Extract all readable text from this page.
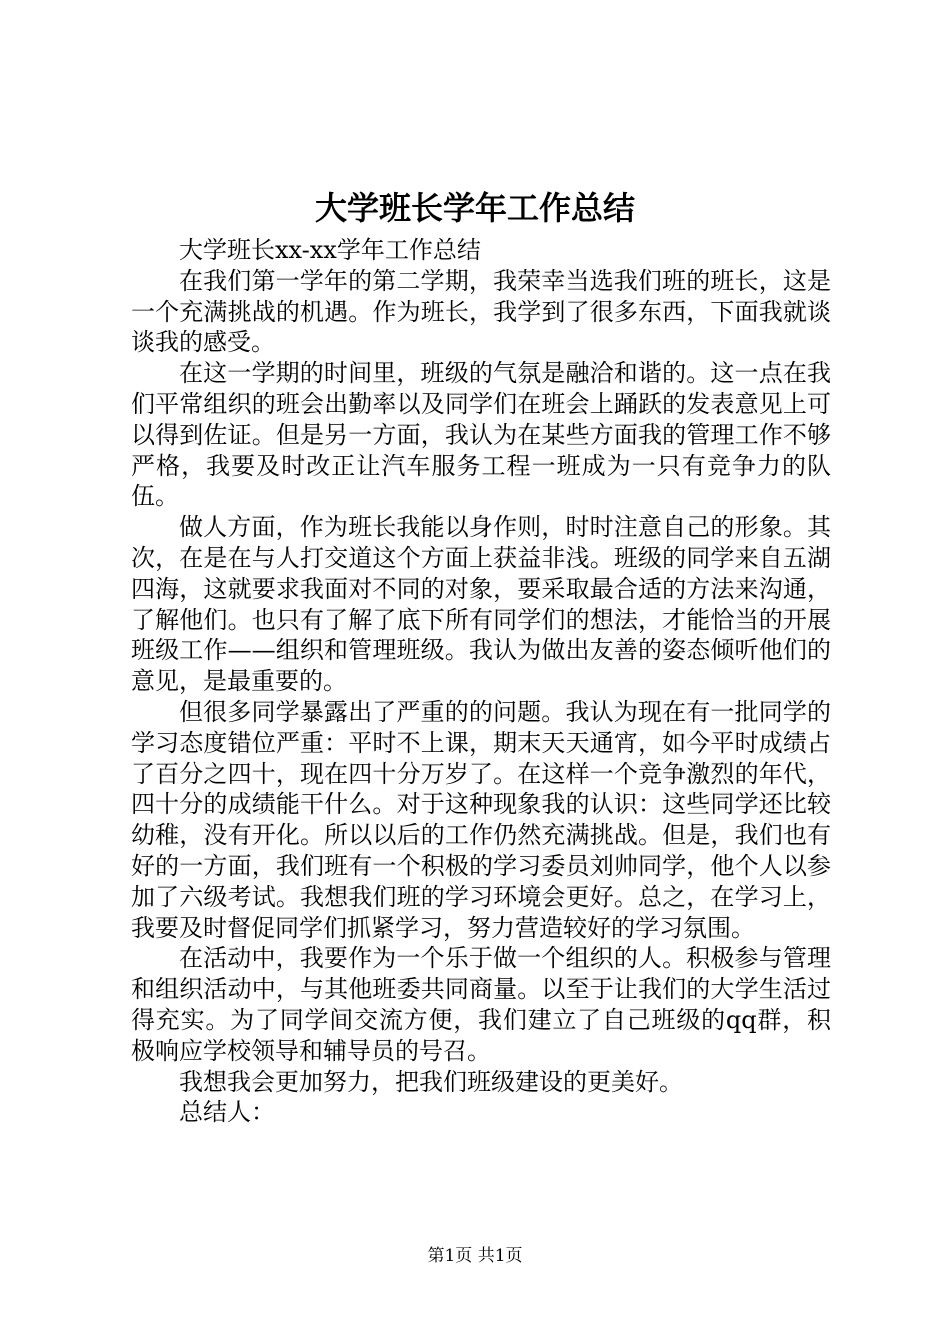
大学班长学年工作总结

大学班长xx-xx学年工作总结

在我们第一学年的第二学期，我荣幸当选我们班的班长，这是一个充满挑战的机遇。作为班长，我学到了很多东西，下面我就谈谈我的感受。

在这一学期的时间里，班级的气氛是融洽和谐的。这一点在我们平常组织的班会出勤率以及同学们在班会上踊跃的发表意见上可以得到佐证。但是另一方面，我认为在某些方面我的管理工作不够严格，我要及时改正让汽车服务工程一班成为一只有竞争力的队伍。

做人方面，作为班长我能以身作则，时时注意自己的形象。其次，在是在与人打交道这个方面上获益非浅。班级的同学来自五湖四海，这就要求我面对不同的对象，要采取最合适的方法来沟通，了解他们。也只有了解了底下所有同学们的想法，才能恰当的开展班级工作——组织和管理班级。我认为做出友善的姿态倾听他们的意见，是最重要的。

但很多同学暴露出了严重的的问题。我认为现在有一批同学的学习态度错位严重：平时不上课，期末天天通宵，如今平时成绩占了百分之四十，现在四十分万岁了。在这样一个竞争激烈的年代，四十分的成绩能干什么。对于这种现象我的认识：这些同学还比较幼稚，没有开化。所以以后的工作仍然充满挑战。但是，我们也有好的一方面，我们班有一个积极的学习委员刘帅同学，他个人以参加了六级考试。我想我们班的学习环境会更好。总之，在学习上，我要及时督促同学们抓紧学习，努力营造较好的学习氛围。

在活动中，我要作为一个乐于做一个组织的人。积极参与管理和组织活动中，与其他班委共同商量。以至于让我们的大学生活过得充实。为了同学间交流方便，我们建立了自己班级的qq群，积极响应学校领导和辅导员的号召。

我想我会更加努力，把我们班级建设的更美好。

总结人：

第1页 共1页
